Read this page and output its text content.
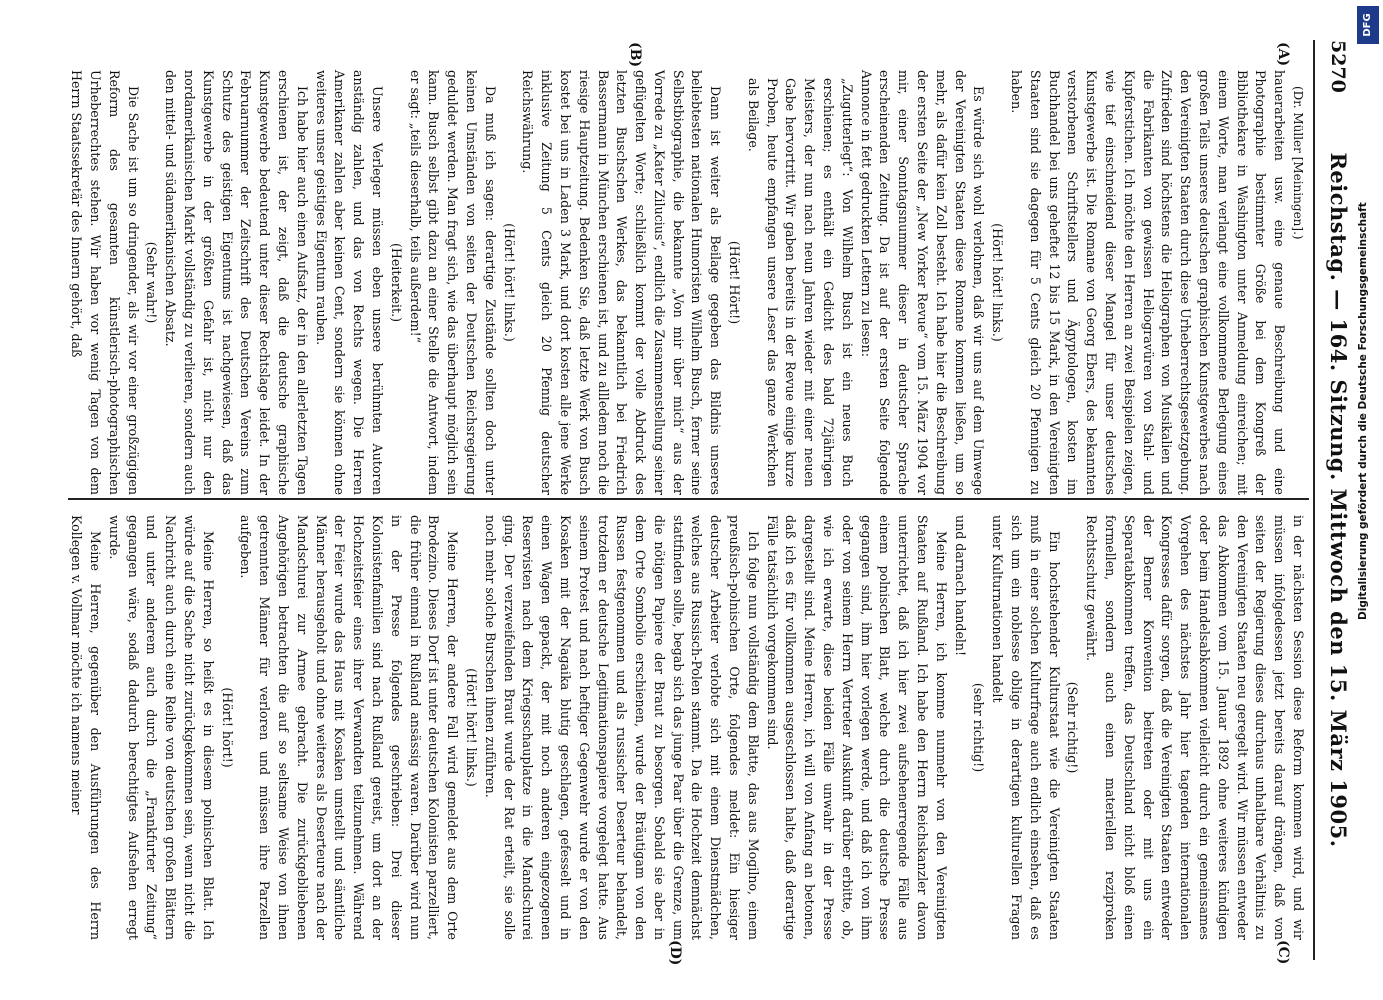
5270
Reichstag. — 164. Sitzung. Mittwoch den 15. März 1905.
(A)
(B)
(C)
(D)

(Dr. Müller [Meiningen].)

hauerarbeiten usw. eine genaue Beschreibung und eine Photographie bestimmter Größe bei dem Kongreß der Bibliothekare in Washington unter Anmeldung einreichen; mit einem Worte, man verlangt eine vollkommene Berlegung eines großen Teils unseres deutschen graphischen Kunstgewerbes nach den Vereinigten Staaten durch diese Urheberrechtsgesetzgebung. Zufrieden sind höchstens die Heliographen von Musikalien und die Fabrikanten von gewissen Heliogravüren von Stahl- und Kupferstichen. Ich möchte den Herren an zwei Beispielen zeigen, wie tief einschneidend dieser Mangel für unser deutsches Kunstgewerbe ist. Die Romane von Georg Ebers, des bekannten verstorbenen Schriftstellers und Ägyptologen, kosten im Buchhandel bei uns geheftet 12 bis 15 Mark, in den Vereinigten Staaten sind sie dagegen für 5 Cents gleich 20 Pfennigen zu haben.

(Hört! hört! links.)

Es würde sich wohl verlohnen, daß wir uns auf dem Umwege der Vereinigten Staaten diese Romane kommen ließen, um so mehr, als dafür kein Zoll besteht. Ich habe hier die Beschreibung der ersten Seite der „New Yorker Revue“ vom 15. März 1904 vor mir, einer Sonntagsnummer dieser in deutscher Sprache erscheinenden Zeitung. Da ist auf der ersten Seite folgende Annonce in fett gedruckten Lettern zu lesen:

„Zugutterlegt“: Von Wilhelm Busch ist ein neues Buch erschienen; es enthält ein Gedicht des bald 72jährigen Meisters, der nun nach neun Jahren wieder mit einer neuen Gabe hervortritt. Wir gaben bereits in der Revue einige kurze Proben, heute empfangen unsere Leser das ganze Werkchen als Beilage.

(Hört! Hört!)

Dann ist weiter als Beilage gegeben das Bildnis unseres beliebtesten nationalen Humoristen Wilhelm Busch, ferner seine Selbstbiographie, die bekannte „Von mir über mich“ aus der Vorrede zu „Kater Zilucius“, endlich die Zusammenstellung seiner geflügelten Worte; schließlich kommt der volle Abdruck des letzten Buschschen Werkes, das bekanntlich bei Friedrich Bassermann in München erschienen ist, und zu allledem noch die riesige Hauptzeitung. Bedenken Sie, daß letzte Werk von Busch kostet bei uns in Laden 3 Mark, und dort kosten alle jene Werke inklusive Zeitung 5 Cents gleich 20 Pfennig deutscher Reichswährung.

(Hört! hört! links.)

Da muß ich sagen: derartige Zustände sollten doch unter keinen Umständen von seiten der Deutschen Reichsregierung geduldet werden. Man fragt sich, wie das überhaupt möglich sein kann. Busch selbst gibt dazu an einer Stelle die Antwort, indem er sagt: „teils dieserhalb, teils außerdem!“

(Heiterkeit.)

Unsere Verleger müssen eben unsere berühmten Autoren anständig zahlen, und das von Rechts wegen. Die Herren Amerikaner zahlen aber keinen Cent, sondern sie können ohne weiteres unser geistiges Eigentum rauben.

Ich habe hier auch einen Aufsatz, der in den allerletzten Tagen erschienen ist, der zeigt, daß die deutsche graphische Kunstgewerbe bedeutend unter dieser Rechtslage leidet. In der Februarnummer der Zeitschrift des Deutschen Vereins zum Schutze des geistigen Eigentums ist nachgewiesen, daß das Kunstgewerbe in der größten Gefahr ist, nicht nur den nordamerikanischen Markt vollständig zu verlieren, sondern auch den mittel- und südamerikanischen Absatz.

(Sehr wahr!)

Die Sache ist um so dringender, als wir vor einer großzügigen Reform des gesamten künstlerisch-photographischen Urheberrechtes stehen. Wir haben vor wenig Tagen von dem Herrn Staatssekretär des Innern gehört, daß

in der nächsten Session diese Reform kommen wird, und wir müssen infolgedessen jetzt bereits darauf drängen, daß von seiten der Regierung dieses durchaus unhaltbare Verhältnis zu den Vereinigten Staaten neu geregelt wird. Wir müssen entweder das Abkommen vom 15. Januar 1892 ohne weiteres kündigen oder beim Handelsabkommen vielleicht durch ein gemeinsames Vorgehen des nächstes Jahr hier tagenden internationalen Kongresses dafür sorgen, daß die Vereinigten Staaten entweder der Berner Konvention beitreten oder mit uns ein Separatabkommen treffen, das Deutschland nicht bloß einen formellen, sondern auch einen materiellen reziproken Rechtsschutz gewährt.

(Sehr richtig!)

Ein hochstehender Kulturstaat wie die Vereinigten Staaten muß in einer solchen Kulturfrage auch endlich einsehen, daß es sich um ein noblesse oblige in derartigen kulturellen Fragen unter Kulturnationen handelt

(sehr richtig!)

und darnach handeln!

Meine Herren, ich komme nunmehr von den Vereinigten Staaten auf Rußland. Ich habe den Herrn Reichskanzler davon unterrichtet, daß ich hier zwei aufsehenerregende Fälle aus einem polnischen Blatt, welche durch die deutsche Presse gegangen sind, ihm hier vorlegen werde, und daß ich von ihm oder von seinem Herrn Vertreter Auskunft darüber erbitte, ob, wie ich erwarte, diese beiden Fälle unwahr in der Presse dargestellt sind. Meine Herren, ich will von Anfang an betonen, daß ich es für vollkommen ausgeschlossen halte, daß derartige Fälle tatsächlich vorgekommen sind.

Ich folge nun vollständig dem Blatte, das aus Mogilno, einem preußisch-polnischen Orte, folgendes meldet: Ein hiesiger deutscher Arbeiter verlobte sich mit einem Dienstmädchen, welches aus Russisch-Polen stammt. Da die Hochzeit demnächst stattfinden sollte, begab sich das junge Paar über die Grenze, um die nötigen Papiere der Braut zu besorgen. Sobald sie aber in dem Orte Sombolio erschienen, wurde der Bräutigam von den Russen festgenommen und als russischer Deserteur behandelt, trotzdem er deutsche Legitimationspapiere vorgelegt hatte. Aus seinem Protest und nach heftiger Gegenwehr wurde er von den Kosaken mit der Nagaika blutig geschlagen, gefesselt und in einen Wagen gepackt, der mit noch anderen eingezogenen Reservisten nach dem Kriegsschauplatze in die Mandschurei ging. Der verzweifelnden Braut wurde der Rat erteilt, sie solle noch mehr solche Burschen ihnen zuführen.

(Hört! hört! links.)

Meine Herren, der andere Fall wird gemeldet aus dem Orte Brodezino. Dieses Dorf ist unter deutschen Kolonisten parzelliert, die früher einmal in Rußland ansässig waren. Darüber wird nun in der Presse folgendes geschrieben: Drei dieser Kolonistenfamilien sind nach Rußland gereist, um dort an der Hochzeitsfeier eines ihrer Verwandten teilzunehmen. Während der Feier wurde das Haus mit Kosaken umstellt und sämtliche Männer herausgeholt und ohne weiteres als Deserteure nach der Mandschurei zur Armee gebracht. Die zurückgebliebenen Angehörigen betrachten die auf so seltsame Weise von ihnen getrennten Männer für verloren und müssen ihre Parzellen aufgeben.

(Hört! hört!)

Meine Herren, so heißt es in diesem polnischen Blatt. Ich würde auf die Sache nicht zurückgekommen sein, wenn nicht die Nachricht auch durch eine Reihe von deutschen großen Blättern und unter anderem auch durch die „Frankfurter Zeitung“ gegangen wäre, sodaß dadurch berechtigtes Aufsehen erregt wurde.

Meine Herren, gegenüber den Ausführungen des Herrn Kollegen v. Vollmar möchte ich namens meiner

DFG
Digitalisierung gefördert durch die Deutsche Forschungsgemeinschaft
